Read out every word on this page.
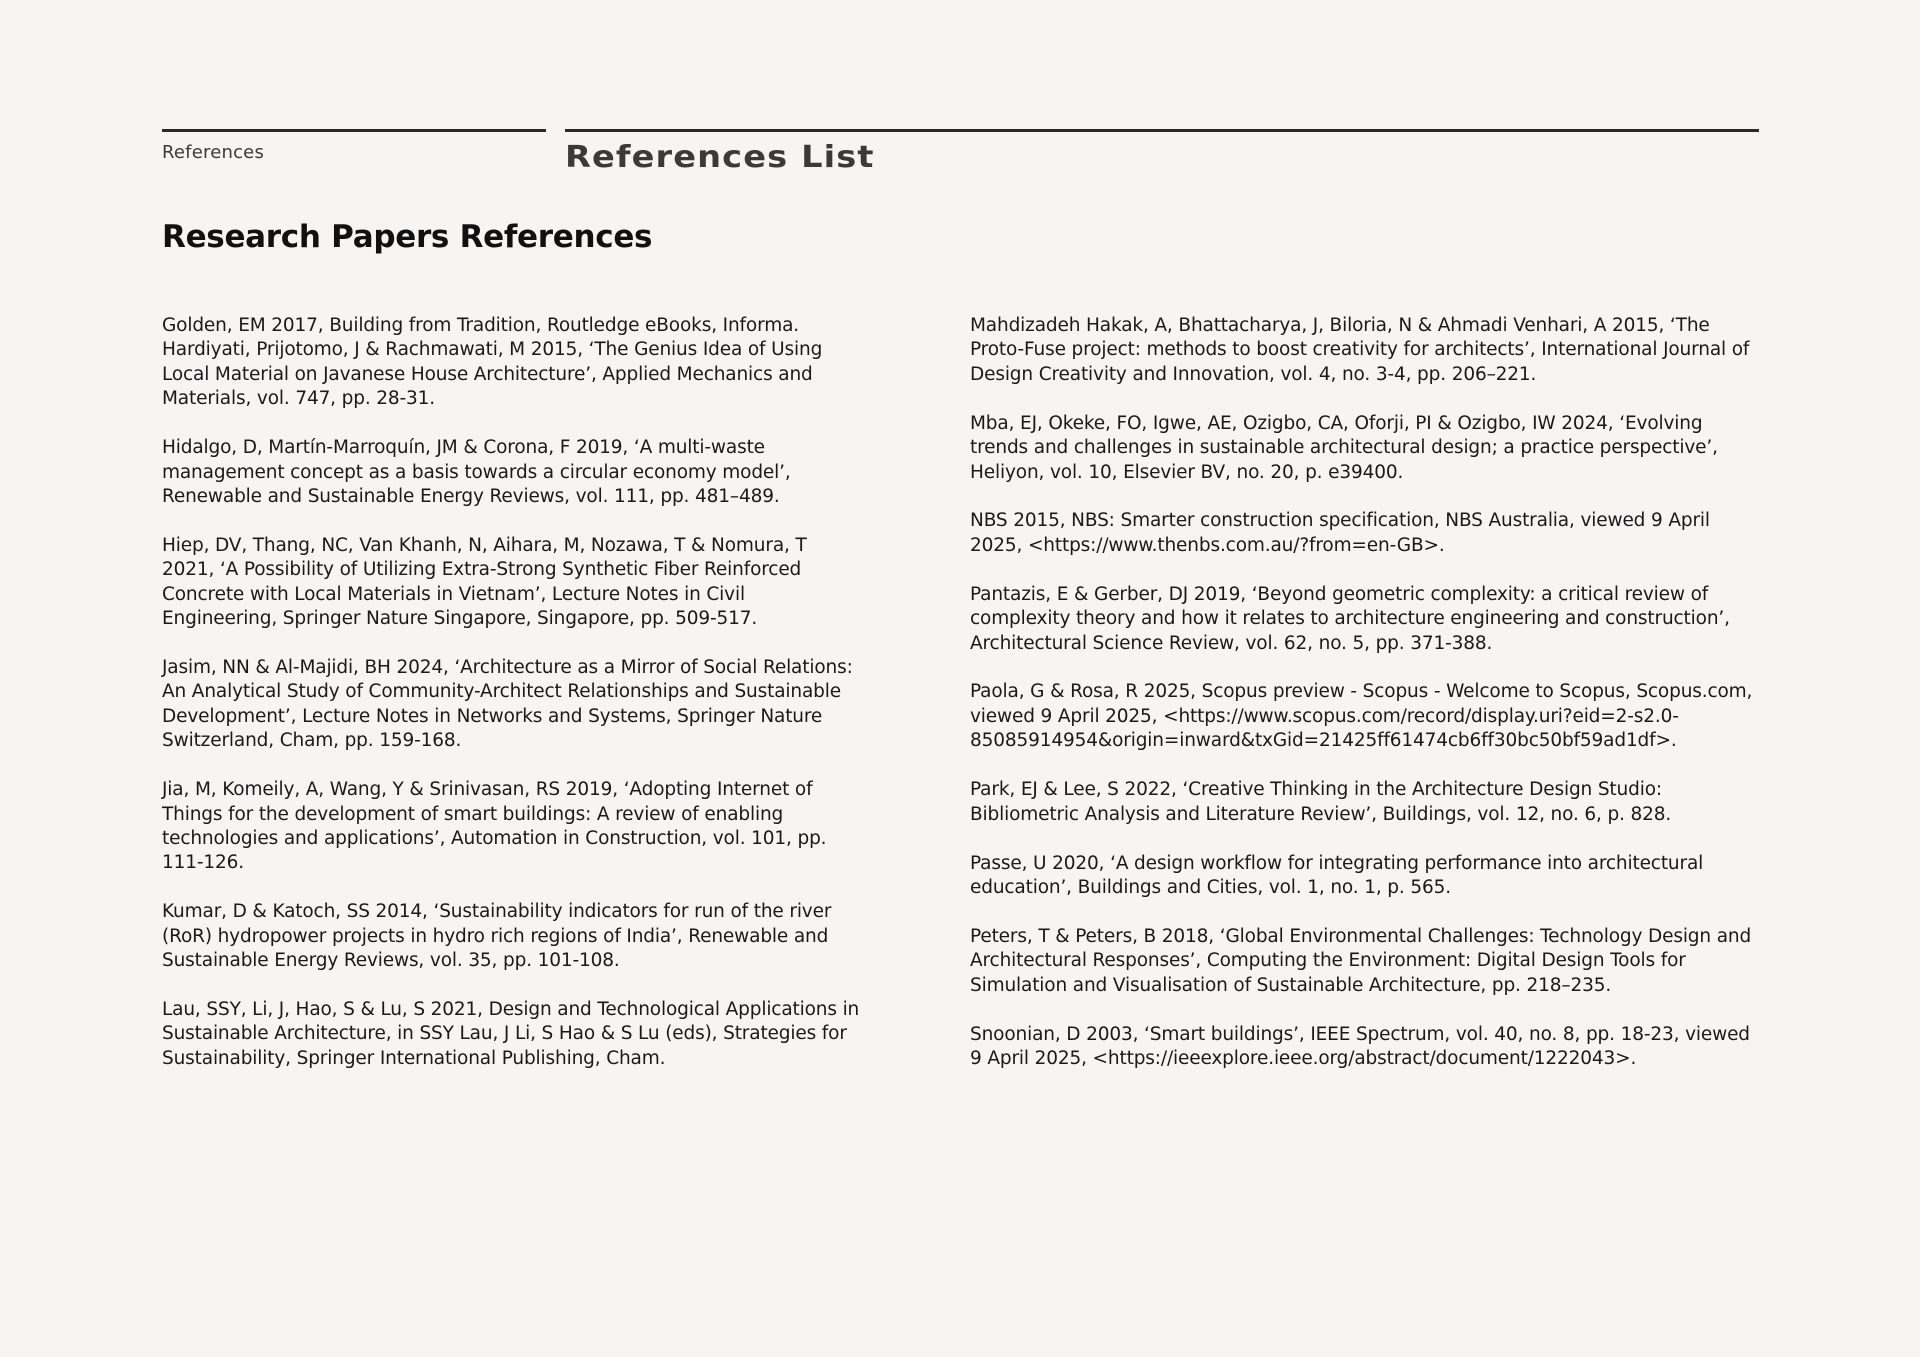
References	References List
Research Papers References

Golden, EM 2017, Building from Tradition, Routledge eBooks, Informa.

Hardiyati, Prijotomo, J & Rachmawati, M 2015, ‘The Genius Idea of Using Local Material on Javanese House Architecture’, Applied Mechanics and Materials, vol. 747, pp. 28-31.

Hidalgo, D, Martín-Marroquín, JM & Corona, F 2019, ‘A multi-waste management concept as a basis towards a circular economy model’, Renewable and Sustainable Energy Reviews, vol. 111, pp. 481–489.

Hiep, DV, Thang, NC, Van Khanh, N, Aihara, M, Nozawa, T & Nomura, T 2021, ‘A Possibility of Utilizing Extra-Strong Synthetic Fiber Reinforced Concrete with Local Materials in Vietnam’, Lecture Notes in Civil Engineering, Springer Nature Singapore, Singapore, pp. 509-517.

Jasim, NN & Al-Majidi, BH 2024, ‘Architecture as a Mirror of Social Relations: An Analytical Study of Community-Architect Relationships and Sustainable Development’, Lecture Notes in Networks and Systems, Springer Nature Switzerland, Cham, pp. 159-168.

Jia, M, Komeily, A, Wang, Y & Srinivasan, RS 2019, ‘Adopting Internet of Things for the development of smart buildings: A review of enabling technologies and applications’, Automation in Construction, vol. 101, pp. 111-126.

Kumar, D & Katoch, SS 2014, ‘Sustainability indicators for run of the river (RoR) hydropower projects in hydro rich regions of India’, Renewable and Sustainable Energy Reviews, vol. 35, pp. 101-108.

Lau, SSY, Li, J, Hao, S & Lu, S 2021, Design and Technological Applications in Sustainable Architecture, in SSY Lau, J Li, S Hao & S Lu (eds), Strategies for Sustainability, Springer International Publishing, Cham.

Mahdizadeh Hakak, A, Bhattacharya, J, Biloria, N & Ahmadi Venhari, A 2015, ‘The Proto-Fuse project: methods to boost creativity for architects’, International Journal of Design Creativity and Innovation, vol. 4, no. 3-4, pp. 206–221.

Mba, EJ, Okeke, FO, Igwe, AE, Ozigbo, CA, Oforji, PI & Ozigbo, IW 2024, ‘Evolving trends and challenges in sustainable architectural design; a practice perspective’, Heliyon, vol. 10, Elsevier BV, no. 20, p. e39400.

NBS 2015, NBS: Smarter construction specification, NBS Australia, viewed 9 April 2025, <https://www.thenbs.com.au/?from=en-GB>.

Pantazis, E & Gerber, DJ 2019, ‘Beyond geometric complexity: a critical review of complexity theory and how it relates to architecture engineering and construction’, Architectural Science Review, vol. 62, no. 5, pp. 371-388.

Paola, G & Rosa, R 2025, Scopus preview - Scopus - Welcome to Scopus, Scopus.com, viewed 9 April 2025, <https://www.scopus.com/record/display.uri?eid=2-s2.0-85085914954&origin=inward&txGid=21425ff61474cb6ff30bc50bf59ad1df>.

Park, EJ & Lee, S 2022, ‘Creative Thinking in the Architecture Design Studio: Bibliometric Analysis and Literature Review’, Buildings, vol. 12, no. 6, p. 828.

Passe, U 2020, ‘A design workflow for integrating performance into architectural education’, Buildings and Cities, vol. 1, no. 1, p. 565.

Peters, T & Peters, B 2018, ‘Global Environmental Challenges: Technology Design and Architectural Responses’, Computing the Environment: Digital Design Tools for Simulation and Visualisation of Sustainable Architecture, pp. 218–235.

Snoonian, D 2003, ‘Smart buildings’, IEEE Spectrum, vol. 40, no. 8, pp. 18-23, viewed 9 April 2025, <https://ieeexplore.ieee.org/abstract/document/1222043>.
